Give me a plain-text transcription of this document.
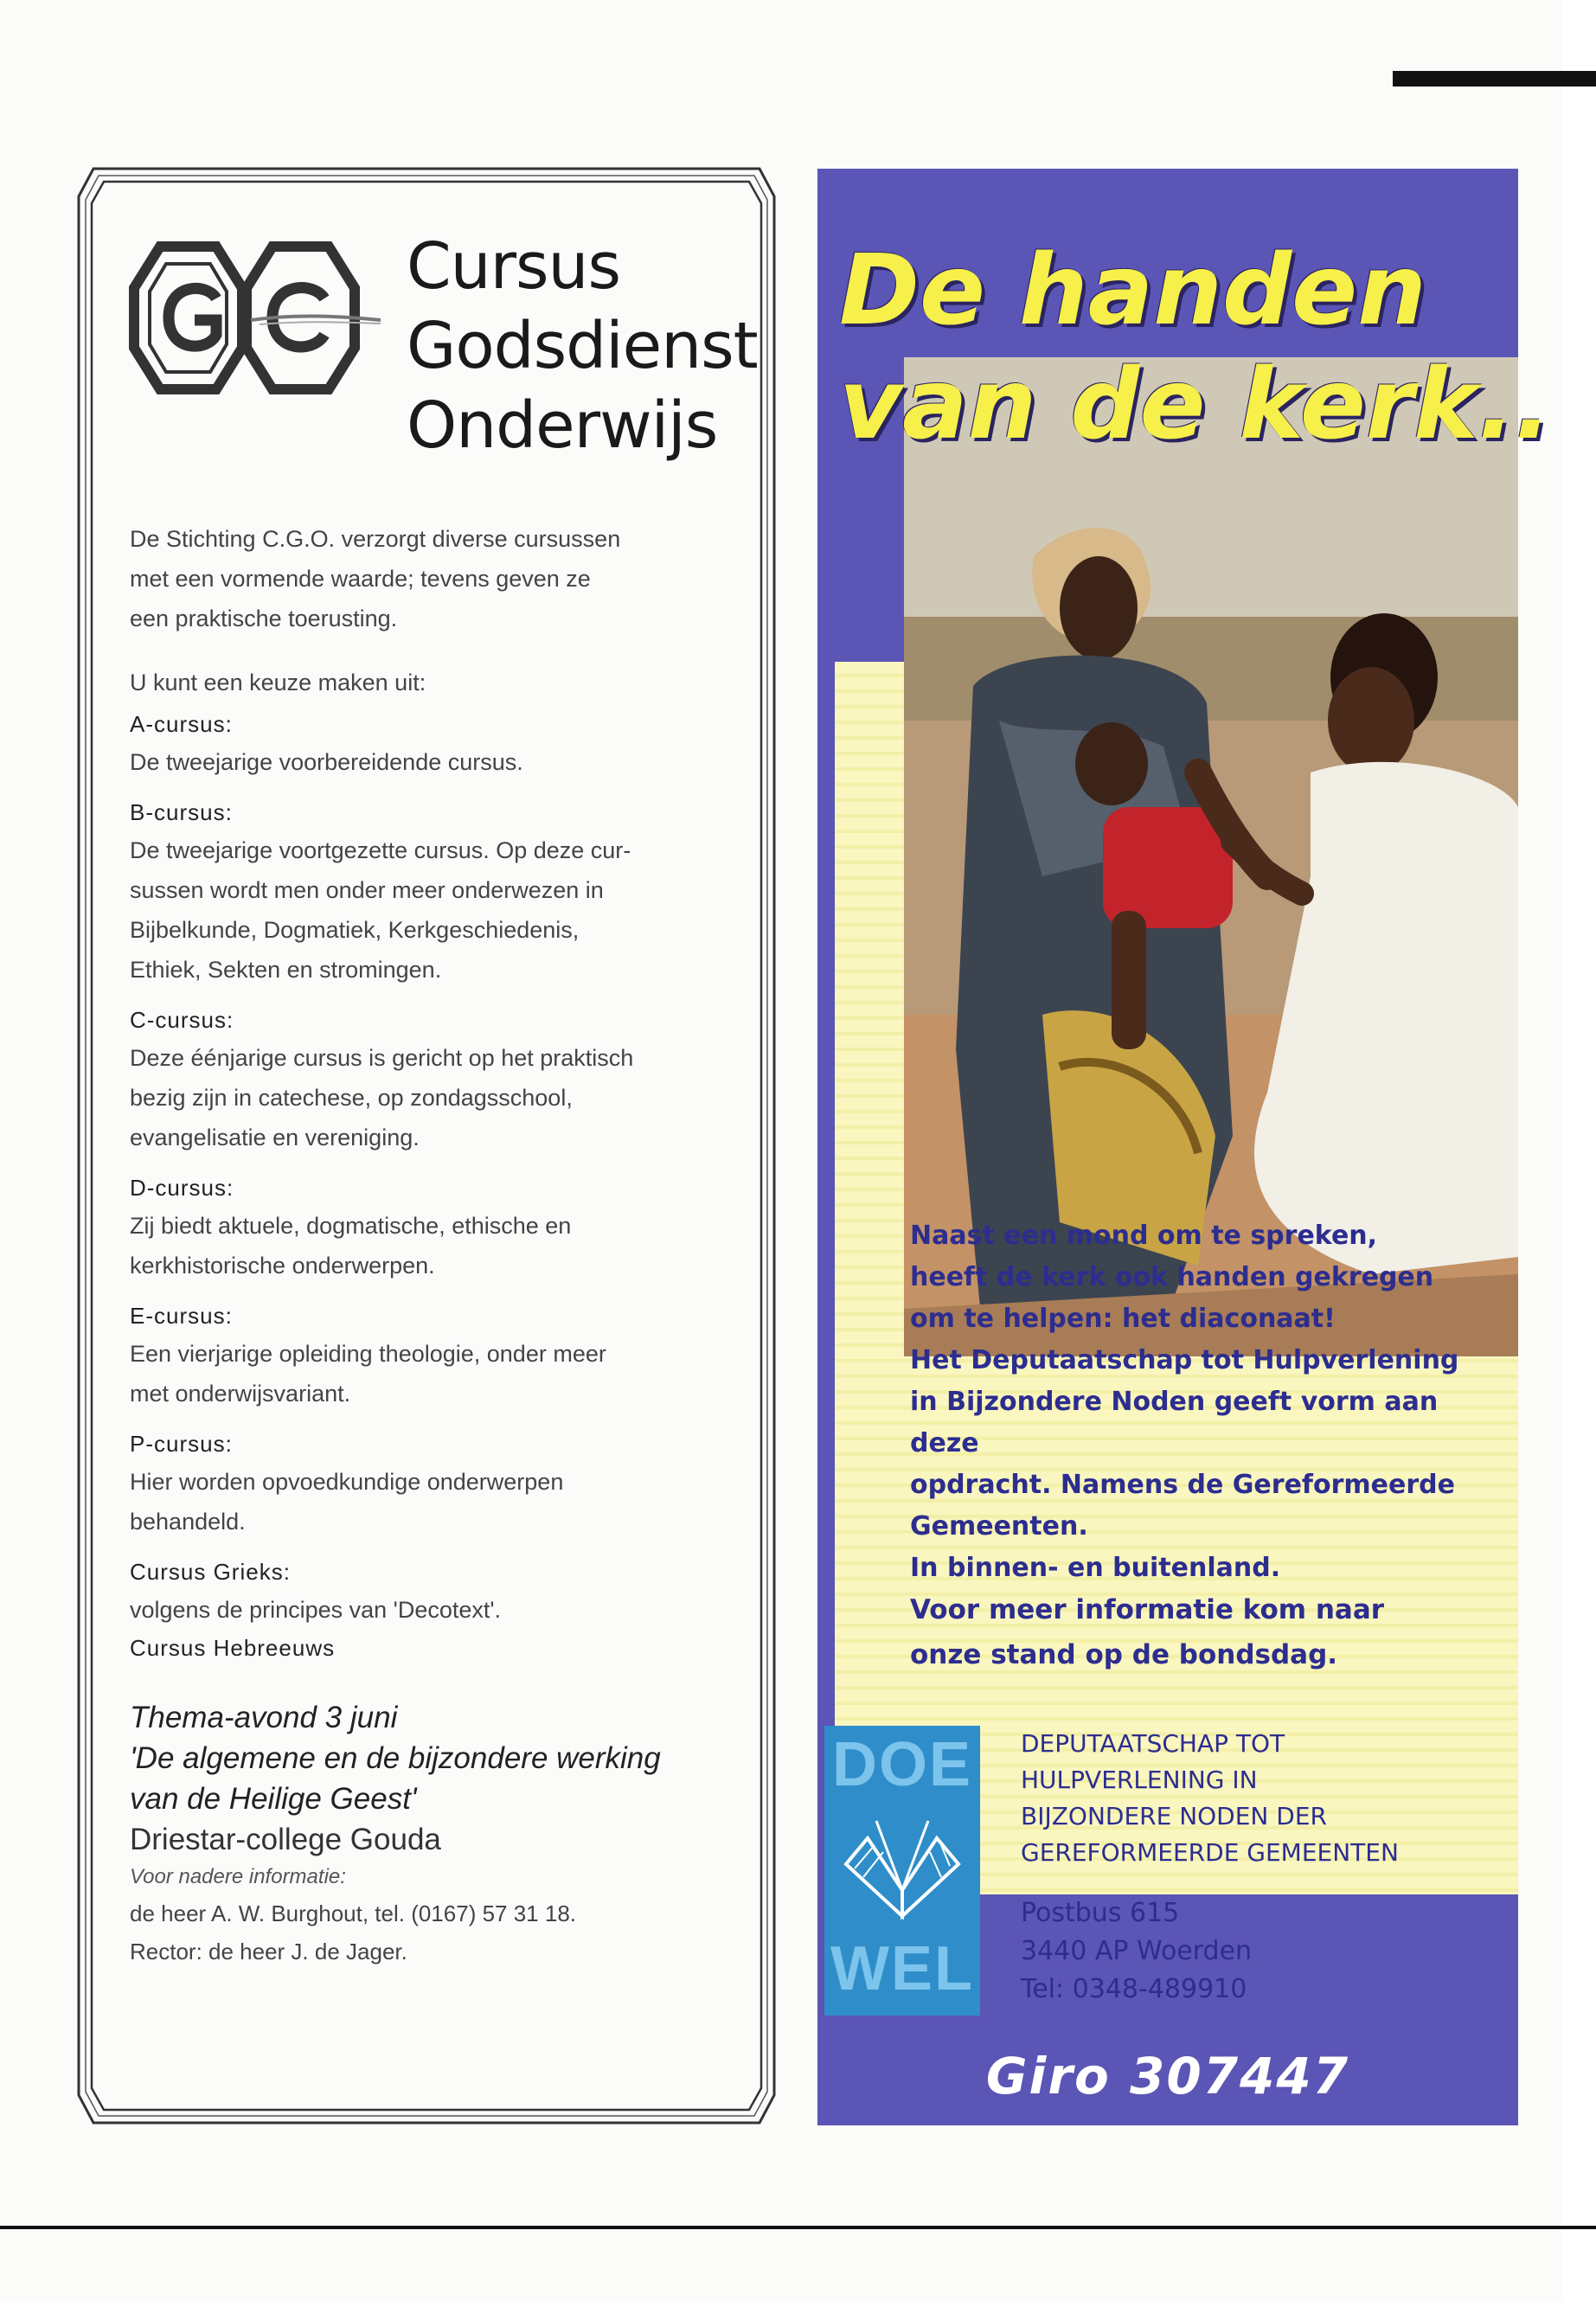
Cursus
Godsdienst
Onderwijs

De Stichting C.G.O. verzorgt diverse cursussen
met een vormende waarde; tevens geven ze
een praktische toerusting.

U kunt een keuze maken uit:

A-cursus:

De tweejarige voorbereidende cursus.

B-cursus:

De tweejarige voortgezette cursus. Op deze cur-

sussen wordt men onder meer onderwezen in

Bijbelkunde, Dogmatiek, Kerkgeschiedenis,

Ethiek, Sekten en stromingen.

C-cursus:

Deze éénjarige cursus is gericht op het praktisch

bezig zijn in catechese, op zondagsschool,

evangelisatie en vereniging.

D-cursus:

Zij biedt aktuele, dogmatische, ethische en

kerkhistorische onderwerpen.

E-cursus:

Een vierjarige opleiding theologie, onder meer

met onderwijsvariant.

P-cursus:

Hier worden opvoedkundige onderwerpen

behandeld.

Cursus Grieks:

volgens de principes van 'Decotext'.

Cursus Hebreeuws

Thema-avond 3 juni
'De algemene en de bijzondere werking
van de Heilige Geest'
Driestar-college Gouda

Voor nadere informatie:

de heer A. W. Burghout, tel. (0167) 57 31 18.

Rector: de heer J. de Jager.

De handen
van de kerk..

Naast een mond om te spreken,

heeft de kerk ook handen gekregen

om te helpen: het diaconaat!

Het Deputaatschap tot Hulpverlening

in Bijzondere Noden geeft vorm aan deze

opdracht. Namens de Gereformeerde

Gemeenten.

In binnen- en buitenland.

Voor meer informatie kom naar

onze stand op de bondsdag.

DOE
WEL
DEPUTAATSCHAP TOT
HULPVERLENING IN
BIJZONDERE NODEN DER
GEREFORMEERDE GEMEENTEN
Postbus 615
3440 AP Woerden
Tel: 0348-489910
Giro 307447
